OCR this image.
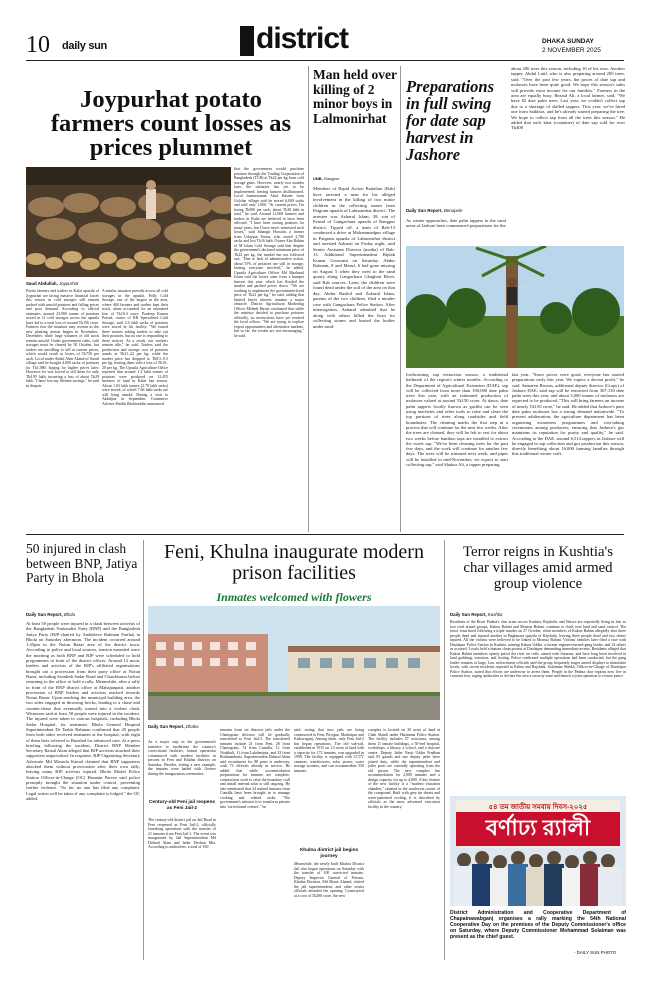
10 daily sun	district	DHAKA SUNDAY
2 NOVEMBER 2025
Joypurhat potato farmers count losses as prices plummet
Saud Abdullah, Joypurhat
Potato farmers and traders in Kalai upazila of Joypurhat are facing massive financial losses this season as cold storages still remain packed with unsold potatoes and falling prices and poor demand. According to official estimates, around 23,900 tonnes of potatoes stored in 11 cold storages across the upazila have led to a total loss of around Tk156 crore. Farmers fear the situation may worsen as the new planting season begins in November–December, while large volumes of old stock remain unsold. Under government rules, cold storages must be cleared by 30 October, but traders are unwilling to sell at current prices, which would result in losses of Tk750 per sack. Local trader Abdul Alim Akand of Saruil village said he bought 4,000 sacks of potatoes for Tk1,080, hoping for higher prices later. However, he was forced to sell them for only Tk4.95 lakh, incurring a loss of about Tk29 lakh. "I have lost my lifetime savings," he said in despair.
A similar situation prevails across all cold storages in the upazila. Polly Cold Storage, one of the largest in the area, where 460 farmers and traders kept their stock, alone accounted for an estimated loss of Tk10.4 crore. Pradeep Kumar Prasad, owner of RB Specialised Cold Storage, said 2.6 lakh sacks of potatoes were stored in his facility. "We issued three notices asking traders to take out their potatoes, but no one is responding to these notices. As a result, our workers remain idle," he said. Traders said the production and storage cost of potatoes stands at Tk21–22 per kg, while the market price has dropped to Tk8.5–9.5 per kg, leaving them with a loss of Tk10–20 per kg. The Upazila Agriculture Office reported that around 1.3 lakh tonnes of potatoes were produced on 12,455 hectares of land in Kalai last season. About 1.03 lakh tonnes (2.78 lakh sacks) were stored, of which 7.66 lakh sacks are still lying unsold. During a visit to Akkelpur in September, Commerce Adviser Sheikh Bashiruddin announced
that the government would purchase potatoes through the Trading Corporation of Bangladesh (TCB) at Tk22 per kg from cold storage gates. However, nearly two months later, the initiative has yet to be implemented, leaving farmers disillusioned. Local businessman Abul Hasnet from Golchar village said he stored 6,000 sacks and sold only 1,000. "At current prices, I'm losing Tk900 per sack, about Tk30 lakh in total," he said. Around 12,000 farmers and traders in Kalai are believed to have been affected. "I have been storing potatoes for many years, but I have never witnessed such losses," said Jahangir Hossain, a farmer from Udaypur Union, who stored 2,700 sacks and lost Tk16 lakh. Owner Abu Rahim of M Islam Cold Storage said that despite the government's declared minimum price of Tk22 per kg, the market has not followed suit. "Due to lack of administrative action, about 55% of potatoes are still in storage, hurting everyone involved," he added. Upazila Agriculture Officer Md Mazharul Islam said the losses stem from a bumper harvest this year, which has flooded the market and pushed prices down. "We are working to implement the government-fixed price of Tk22 per kg," he said, adding that limited buyer interest remains a major obstacle. District Agricultural Marketing Officer Mehedi Hasan confirmed that while the ministry decided to purchase potatoes officially, no instructions have yet reached the local offices. "We are trying to explore export opportunities and alternative markets, but so far, the results are not encouraging," he said.
Man held over killing of 2 minor boys in Lalmonirhat
UNB, Rangpur
Members of Rapid Action Battalion (Rab) have arrested a man for his alleged involvement in the killing of two minor children in the collecting stones from Patgram upazila of Lalmonirhat district. The arrestee was Azharul Islam, 38, son of Fensul of Gangachara upazila of Rangpur district. Tipped off, a team of Rab-13 conducted a drive at Mohammadpur village in Patgram upazila of Lalmonirhat district and arrested Azharul on Friday night, said Senior Assistant Director (media) of Rab-13, Additional Superintendent Biplab Kumar Goswami on Saturday. Abdur Rahman, 8 and Maruf, 6 had gone missing on August 5 when they went to the sand quarry along Gangachara Ghagbari River, said Rab sources. Later, the children were found dead under the soil of the area on that day. Abdur Rashid and Zakarul Islam, parents of the two children, filed a murder case with Gangachara Police Station. After interrogation, Azharul admitted that he along with others killed the boys for collecting stones and buried the bodies under sand.
Preparations in full swing for date sap harvest in Jashore
Daily Sun Report, Benapole
As winter approaches, date palm tappers in the rural areas of Jashore have commenced preparations for the
about 200 trees this season, including 10 of his own. Another tapper, Abdul Latif, who is also preparing around 200 trees, said, "Over the past few years, the prices of date sap and molasses have been quite good. We hope this season's sales will provide extra income for our families." Farmers in the area are equally busy. Rezaul Ali, a local farmer, said, "We have 82 date palm trees. Last year, we couldn't collect sap due to a shortage of skilled tappers. This year, we've hired one from Satkhira, and he's already started preparing the tree. We hope to collect sap from all the trees this season." He added that each khar (container) of date sap sold for over Tk400
forthcoming sap extraction season, a traditional hallmark of the region's winter months. According to the Department of Agricultural Extension (DAE), sap will be collected from more than 100,000 date palm trees this year, with an estimated production of molasses valued at around Tk150 crore. At dawn, date palm tappers locally known as gachhi can be seen using machetes and other tools to raise and clean the top portions of trees along roadsides and field boundaries. The cleaning marks the first step in a process that will continue for the next few weeks. After the trees are cleaned, they will be left to rest for about two weeks before bamboo taps are installed to extract the sweet sap. "We've been cleaning trees for the past few days, and the work will continue for another few days. The trees will be trimmed next week, and pipes will be installed in mid-November, we expect to start collecting sap," said Shakur Ali, a tapper preparing
last year. "Since prices were good, everyone has started preparations early this year. We expect a decent profit," he said. Samaren Biswas, additional deputy director (Crops) of Jashore DAE, said sap will be extracted from 307,130 date palm trees this year, and about 3,000 tonnes of molasses are expected to be produced. "This will bring farmers an income of nearly Tk150 crore," he said. He added that Jashore's pure date palm molasses has a strong demand nationwide. "To prevent adulteration, the agriculture department has been organising awareness programmes and cost-taking ceremonies among producers, ensuring that Jashore's gur maintains its reputation for purity and quality," he said. According to the DAE, around 6,514 tappers in Jashore will be engaged in sap collection and gur production this season, directly benefiting about 16,000 farming families through this traditional winter craft.
50 injured in clash between BNP, Jatiya Party in Bhola
Daily Sun Report, Bhola
At least 50 people were injured in a clash between activists of the Bangladesh Nationalist Party (BNP) and the Bangladesh Jatiya Party (BJP-chaired by Andaleeve Rahman Partha) in Bhola on Saturday afternoon. The incident occurred around 1:45pm in the Notun Bazar area of the district town. According to police and local sources, tension mounted since the morning as both BNP and BJP were scheduled to hold programmes in front of the district offices. Around 12 noon, leaders and activists of the BJP's affiliated organisations brought out a procession from their party office at Notun Bazar, including Swadesh Sadar Road and Chawkbazar before returning to the office to hold a rally. Meanwhile, after a rally in front of the BNP district office at Mahajanpatti, another procession of BNP leaders and activists reached towards Notun Bazar. Upon reaching the municipal building area, the two sides engaged in throwing bricks, leading to a chase and counter-chase that eventually turned into a violent clash. Witnesses said at least 50 people were injured in the incident. The injured were taken to various hospitals, including Bhola Sadar Hospital, for treatment. Bhola General Hospital Superintendent Dr Tazbir Rahman confirmed that 45 people from both sides received treatment at the hospital, with eight of them later referred to Barishal for advanced care. At a press briefing following the incident, District BNP Member Secretary Raisul Alam alleged that BJP activists attacked their supporters unprovoked. In response, BJP Organising Secretary Advocate Md Mostofa Kamal claimed that BNP supporters attacked them without provocation after their own rally, leaving many BJP activists injured. Bhola Model Police Station Officer-in-Charge (OC) Hasnain Parvez said police promptly brought the situation under control, preventing further violence. "So far, no one has filed any complaint. Legal action will be taken if any complaint is lodged," the OC added.
Feni, Khulna inaugurate modern prison facilities
Inmates welcomed with flowers
Daily Sun Report, Dhaka
As a major step in the government's initiative to modernize the country's correctional facilities, formal operations commenced with modern facilities in prisons in Feni and Khulna districts on Saturday. Besides, setting a new example, the inmates were hailed with flowers during the inauguration ceremonies.
Century-old Feni jail reopens as Feni Jail-2
The century-old district jail on Jail Road in Feni reopened as Feni Jail-2, officially launching operations with the transfer of 21 inmates from Feni Jail-1. The event was inaugurated by Jail Superintendent Md Didarul Alam and Jailer Ferdous Mia. According to authorities, a total of 180
inmates from six districts jails under the Chattogram division will be gradually transferred to Feni Jail-2. The transferred inmates include 21 from Feni, 26 from Chattogram, 74 from Cumilla, 11 from Noakhali, 11 from Lakshmipur, and 33 from Brahmanbaria. Superintendent Didarul Alam said recruitment for 88 posts is underway, with 73 officials already in service. He added that while accommodation preparations for inmates are complete, construction work to raise the boundary wall and install internal solar is still ongoing. He also mentioned that 24 trained inmates from Cumilla have been brought in to manage cooking and related tasks. "The government's mission is to transform prisons into 'correctional centres'," he
said, noting that new jails are being constructed in Feni, Pirojpur, Madaripur and Kishoreganj. Among them, only Feni Jail-2 has begun operations. The old sub-jail, established in 1915 on 1.5 acres of land with a capacity for 172 inmates, was upgraded in 1998. The facility is equipped with CCTV cameras, watchtowers, solar power, water storage systems, and can accommodate 550 inmates.
Khulna district jail begins journey
Meanwhile, the newly built Khulna District Jail also began operations on Saturday with the transfer of 100 convicted inmates. Deputy Inspector General of Prisons, Khulna Division, Md Monir Ahmed, visited the jail superintendent, and other senior officials attended the opening. Constructed at a cost of Tk288 crore, the new
complex is located on 30 acres of land at Chak Alandi under Harintana Police Station. The facility includes 57 structures, among them 11 inmate buildings, a 50-bed hospital, workshops, a library, a school, and a daycare centre. Deputy Jailer Nasir Uddin Pradhan said 83 guards and one deputy jailer have joined duty, while the superintendent and jailer posts are currently operating from the old prison. The new complex has accommodation for 2,000 inmates and a design capacity for up to 4,000. A key feature of the new facility is a "modern visitation chamber," situated in the southwest corner of the compound. Built with grey tin sheets and wave-patterned roofing, it is described by officials as the most advanced execution facility in the country.
Terror reigns in Kushtia's char villages amid armed group violence
Daily Sun Report, Kushtia
Residents of the River Padma's char areas across Kushtia, Rajshahi, and Natore are reportedly living in fear as two rival armed groups, Kakon Bahini and Montuz Bahini, continue to clash over land and sand control. The terror resurfaced following a triple murder on 27 October, when members of Kakon Bahini allegedly shot three people dead and injured another in Baghmara upazila of Rajshahi, leaving three people dead and two others injured. All the victims were believed to be linked to Montuz Bahini. Victims' families later filed a case with Daulatpur Police Station in Kushtia, naming Kakon Uddin, a former engineer-turned-gang leader, and 23 others as accused. Locals held a human chain protest at Daulatpur demanding immediate arrests. Residents alleged that Kakon Bahini members openly patrol the river on cuffs, armed with firearms, and have long been involved in land grabbing, extortion, and looting. Police confirmed multiple operations had been conducted, but the gang leader remains at large. Law enforcement officials said the group frequently stages armed displays to intimidate locals, with recent incidents reported in Pabna and Rajshahi. Solaiman Sheikh, Officer-in-Charge of Daulatpur Police Station, stated that efforts are underway to arrest them. People in the Padma char regions now live in constant fear, urging authorities to declare the area a security zone and launch a joint operation to restore peace.
৫৪ তম জাতীয় সমবায় দিবস-২০২৫
বর্ণাঢ্য র‍্যালী
District Administration and Cooperative Department of Chapainawabganj organises a rally marking the 54th National Cooperative Day on the premises of the Deputy Commissioner's office on Saturday, where Deputy Commissioner Mohammad Solaiman was present as the chief guest.
- DAILY SUN PHOTO
